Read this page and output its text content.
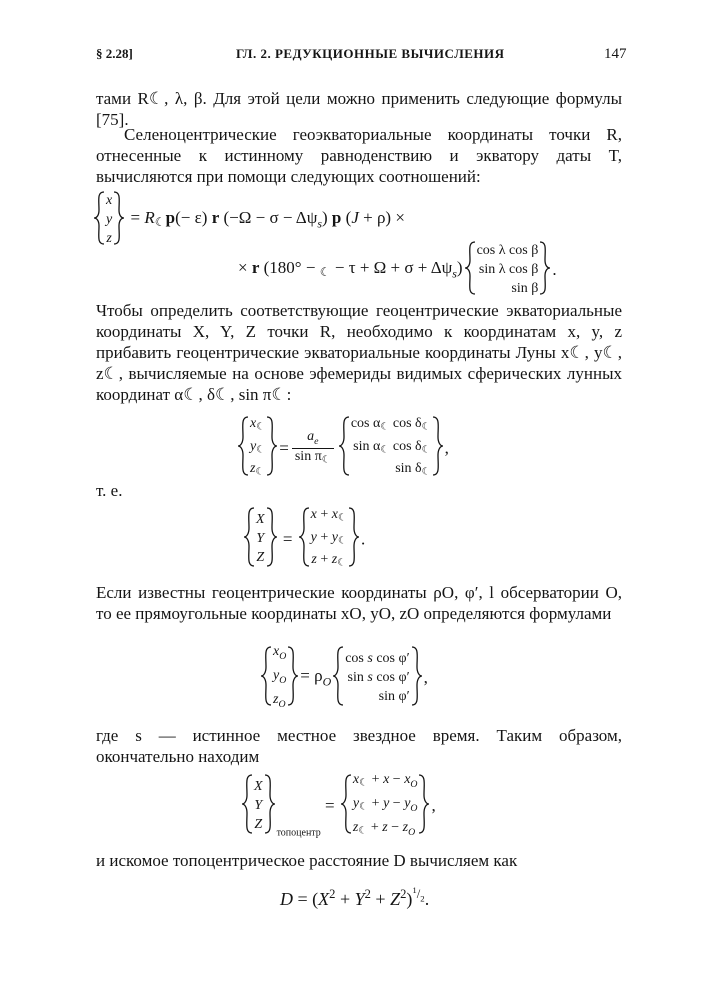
§ 2.28]	ГЛ. 2. РЕДУКЦИОННЫЕ ВЫЧИСЛЕНИЯ	147
тами R☾, λ, β. Для этой цели можно применить следующие формулы [75].
Селеноцентрические геоэкваториальные координаты точки R, отнесенные к истинному равноденствию и экватору даты T, вычисляются при помощи следующих соотношений:
x
y
z = R☾p(− ε) r $(-\Omega - \sigma - \Delta\psi_s)$ p (J + ρ) ×
× r (180° − ☾ − $\tau + \Omega + \sigma + \Delta\psi_s)\cos$ λ cos β
sin λ cos β
sin β.
Чтобы определить соответствующие геоцентрические экваториальные координаты X, Y, Z точки R, необходимо к координатам x, y, z прибавить геоцентрические экваториальные координаты Луны x☾, y☾, z☾, вычисляемые на основе эфемериды видимых сферических лунных координат α☾, δ☾, sin π☾:
x☾
y☾
z☾= $\frac{a_e}{\text{sin π☾}}$
cos α☾ cos δ☾
sin α☾ cos δ☾
sin δ☾,
т. е.
X
Y
Z = x + x☾
y + y☾
z + z☾.
Если известны геоцентрические координаты ρO, φ′, l обсерватории O, то ее прямоугольные координаты xO, yO, zO определяются формулами
$x_O$
$y_O$
$z_O= \rho_O\cos$ s cos φ′
sin s cos φ′
sin φ′,
где s — истинное местное звездное время. Таким образом, окончательно находим
X
Y
$Z_{топоцентр}$ = x☾ + $x - x_O$
y☾ + $y - y_O$
z☾ + $z - z_O$,
и искомое топоцентрическое расстояние D вычисляем как
$D = (X^2 + Y^2 + Z^2)^{^1/_2}$.
